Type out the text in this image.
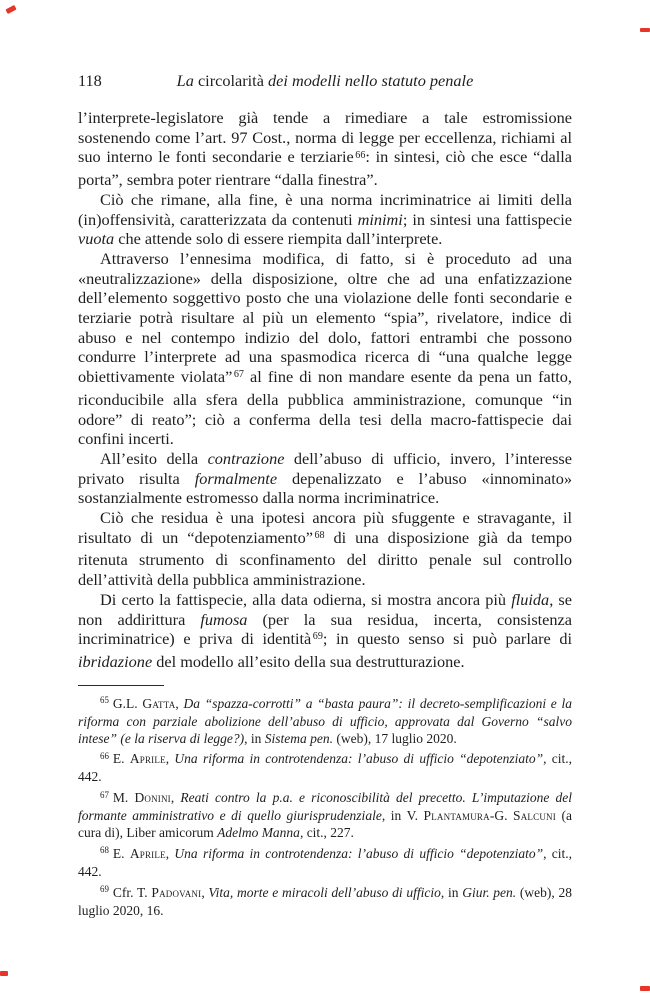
118	La circolarità dei modelli nello statuto penale

l’interprete-legislatore già tende a rimediare a tale estromissione sostenendo come l’art. 97 Cost., norma di legge per eccellenza, richiami al suo interno le fonti secondarie e terziarie $^{66}$: in sintesi, ciò che esce “dalla porta”, sembra poter rientrare “dalla finestra”.

Ciò che rimane, alla fine, è una norma incriminatrice ai limiti della (in)offensività, caratterizzata da contenuti minimi; in sintesi una fattispecie vuota che attende solo di essere riempita dall’interprete.

Attraverso l’ennesima modifica, di fatto, si è proceduto ad una «neutralizzazione» della disposizione, oltre che ad una enfatizzazione dell’elemento soggettivo posto che una violazione delle fonti secondarie e terziarie potrà risultare al più un elemento “spia”, rivelatore, indice di abuso e nel contempo indizio del dolo, fattori entrambi che possono condurre l’interprete ad una spasmodica ricerca di “una qualche legge obiettivamente violata” $^{67}$ al fine di non mandare esente da pena un fatto, riconducibile alla sfera della pubblica amministrazione, comunque “in odore” di reato”; ciò a conferma della tesi della macro-fattispecie dai confini incerti.

All’esito della contrazione dell’abuso di ufficio, invero, l’interesse privato risulta formalmente depenalizzato e l’abuso «innominato» sostanzialmente estromesso dalla norma incriminatrice.

Ciò che residua è una ipotesi ancora più sfuggente e stravagante, il risultato di un “depotenziamento” $^{68}$ di una disposizione già da tempo ritenuta strumento di sconfinamento del diritto penale sul controllo dell’attività della pubblica amministrazione.

Di certo la fattispecie, alla data odierna, si mostra ancora più fluida, se non addirittura fumosa (per la sua residua, incerta, consistenza incriminatrice) e priva di identità $^{69}$; in questo senso si può parlare di ibridazione del modello all’esito della sua destrutturazione.

$^{65}$ G.L. Gatta, Da “spazza-corrotti” a “basta paura”: il decreto-semplificazioni e la riforma con parziale abolizione dell’abuso di ufficio, approvata dal Governo “salvo intese” (e la riserva di legge?), in Sistema pen. (web), 17 luglio 2020.

$^{66}$ E. Aprile, Una riforma in controtendenza: l’abuso di ufficio “depotenziato”, cit., 442.

$^{67}$ M. Donini, Reati contro la p.a. e riconoscibilità del precetto. L’imputazione del formante amministrativo e di quello giurisprudenziale, in V. Plantamura-G. Salcuni (a cura di), Liber amicorum Adelmo Manna, cit., 227.

$^{68}$ E. Aprile, Una riforma in controtendenza: l’abuso di ufficio “depotenziato”, cit., 442.

$^{69}$ Cfr. T. Padovani, Vita, morte e miracoli dell’abuso di ufficio, in Giur. pen. (web), 28 luglio 2020, 16.
